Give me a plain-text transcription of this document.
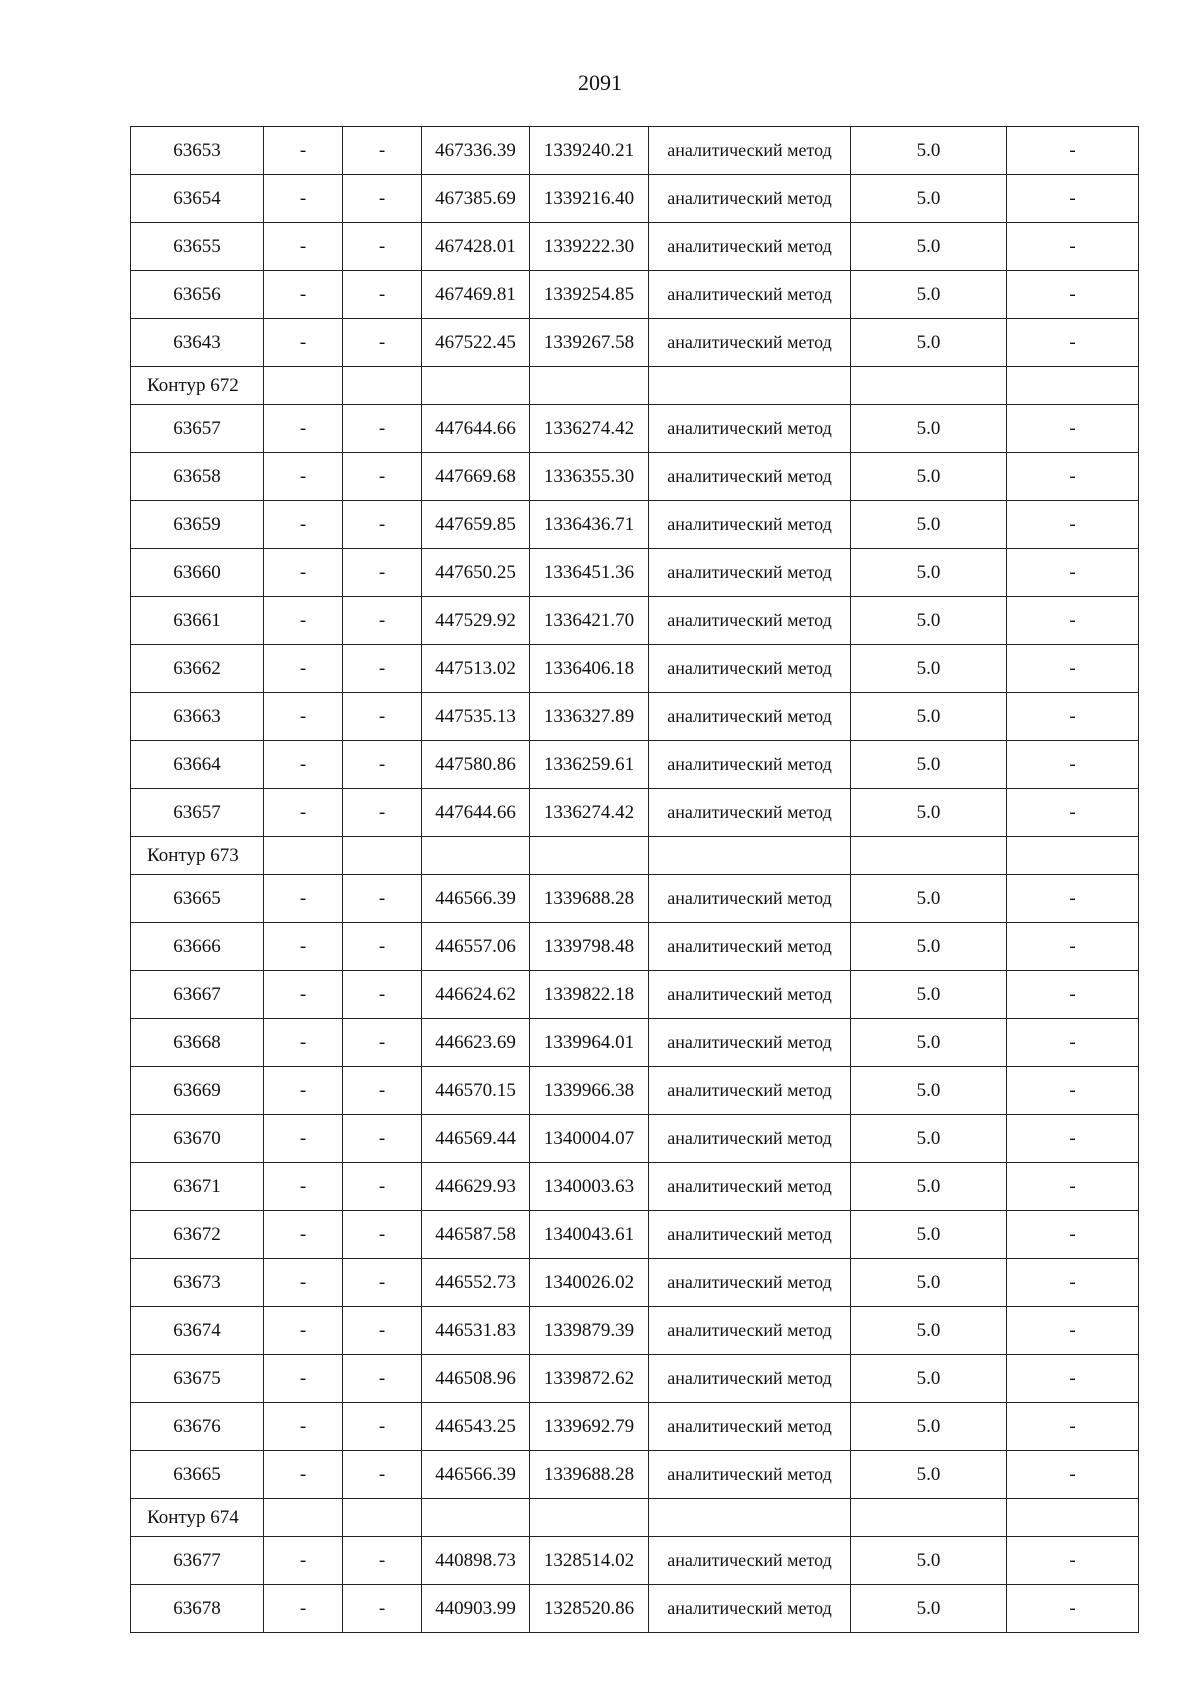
2091
63653	-	-	467336.39	1339240.21	аналитический метод	5.0	-
63654	-	-	467385.69	1339216.40	аналитический метод	5.0	-
63655	-	-	467428.01	1339222.30	аналитический метод	5.0	-
63656	-	-	467469.81	1339254.85	аналитический метод	5.0	-
63643	-	-	467522.45	1339267.58	аналитический метод	5.0	-
Контур 672							
63657	-	-	447644.66	1336274.42	аналитический метод	5.0	-
63658	-	-	447669.68	1336355.30	аналитический метод	5.0	-
63659	-	-	447659.85	1336436.71	аналитический метод	5.0	-
63660	-	-	447650.25	1336451.36	аналитический метод	5.0	-
63661	-	-	447529.92	1336421.70	аналитический метод	5.0	-
63662	-	-	447513.02	1336406.18	аналитический метод	5.0	-
63663	-	-	447535.13	1336327.89	аналитический метод	5.0	-
63664	-	-	447580.86	1336259.61	аналитический метод	5.0	-
63657	-	-	447644.66	1336274.42	аналитический метод	5.0	-
Контур 673							
63665	-	-	446566.39	1339688.28	аналитический метод	5.0	-
63666	-	-	446557.06	1339798.48	аналитический метод	5.0	-
63667	-	-	446624.62	1339822.18	аналитический метод	5.0	-
63668	-	-	446623.69	1339964.01	аналитический метод	5.0	-
63669	-	-	446570.15	1339966.38	аналитический метод	5.0	-
63670	-	-	446569.44	1340004.07	аналитический метод	5.0	-
63671	-	-	446629.93	1340003.63	аналитический метод	5.0	-
63672	-	-	446587.58	1340043.61	аналитический метод	5.0	-
63673	-	-	446552.73	1340026.02	аналитический метод	5.0	-
63674	-	-	446531.83	1339879.39	аналитический метод	5.0	-
63675	-	-	446508.96	1339872.62	аналитический метод	5.0	-
63676	-	-	446543.25	1339692.79	аналитический метод	5.0	-
63665	-	-	446566.39	1339688.28	аналитический метод	5.0	-
Контур 674							
63677	-	-	440898.73	1328514.02	аналитический метод	5.0	-
63678	-	-	440903.99	1328520.86	аналитический метод	5.0	-
